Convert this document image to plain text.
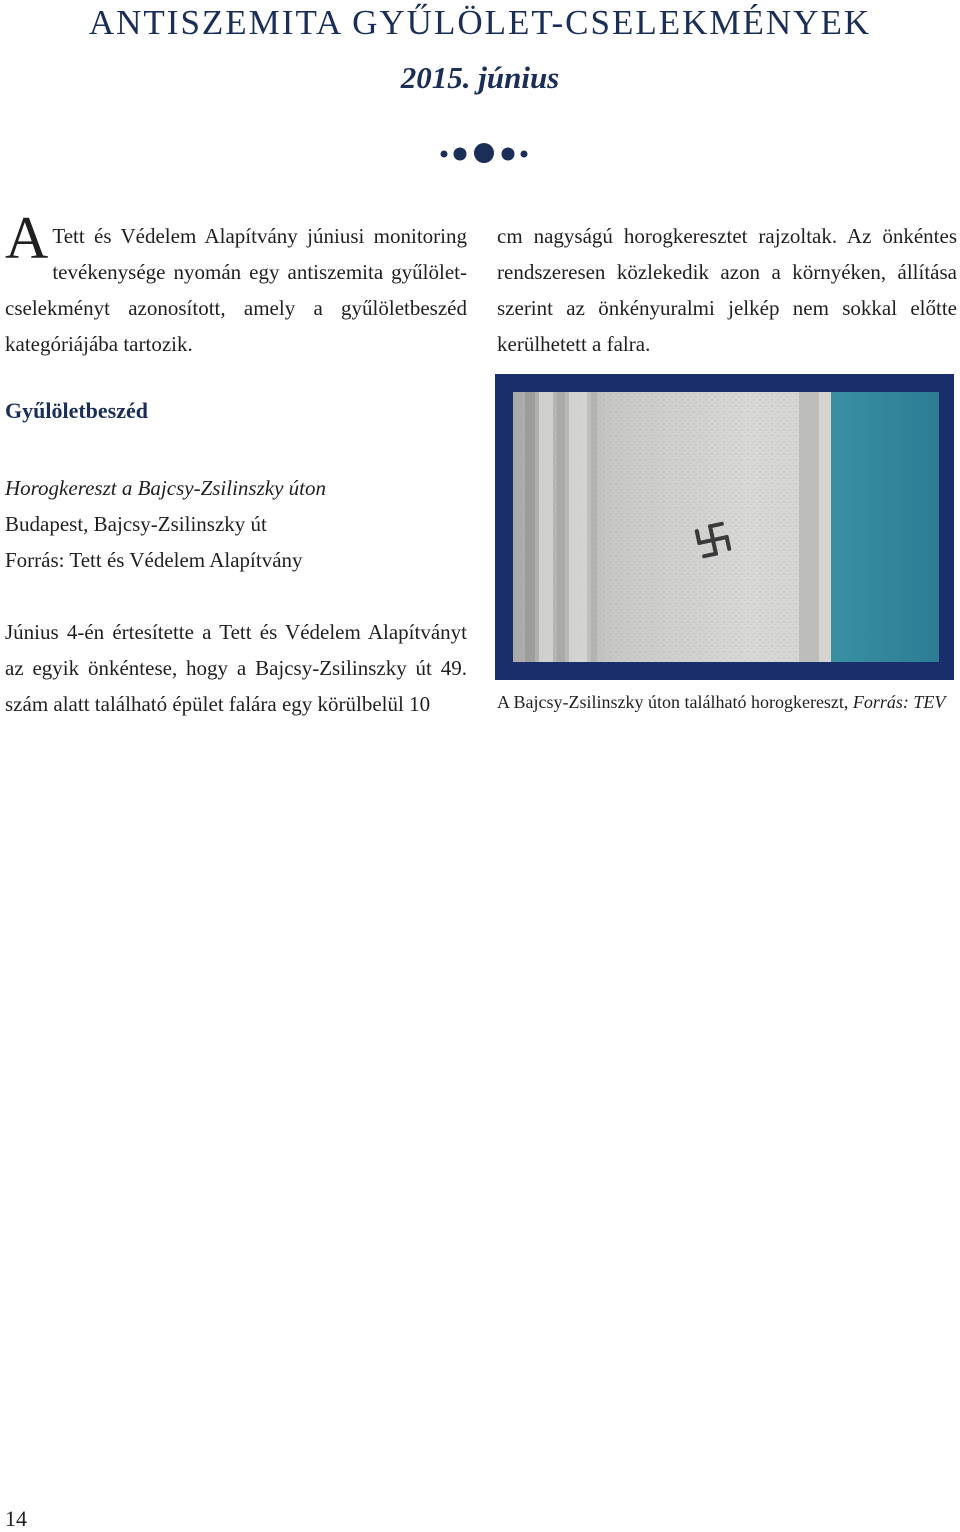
ANTISZEMITA GYŰLÖLET-CSELEKMÉNYEK
2015. június

A Tett és Védelem Alapítvány júniusi monitoring tevékenysége nyomán egy antiszemita gyűlölet-cselekményt azonosított, amely a gyűlöletbeszéd kategóriájába tartozik.

Gyűlöletbeszéd

Horogkereszt a Bajcsy-Zsilinszky úton

Budapest, Bajcsy-Zsilinszky út

Forrás: Tett és Védelem Alapítvány

Június 4-én értesítette a Tett és Védelem Alapítványt az egyik önkéntese, hogy a Bajcsy-Zsilinszky út 49. szám alatt található épület falára egy körülbelül 10

cm nagyságú horogkeresztet rajzoltak. Az önkéntes rendszeresen közlekedik azon a környéken, állítása szerint az önkényuralmi jelkép nem sokkal előtte kerülhetett a falra.

A Bajcsy-Zsilinszky úton található horogkereszt, Forrás: TEV

14
